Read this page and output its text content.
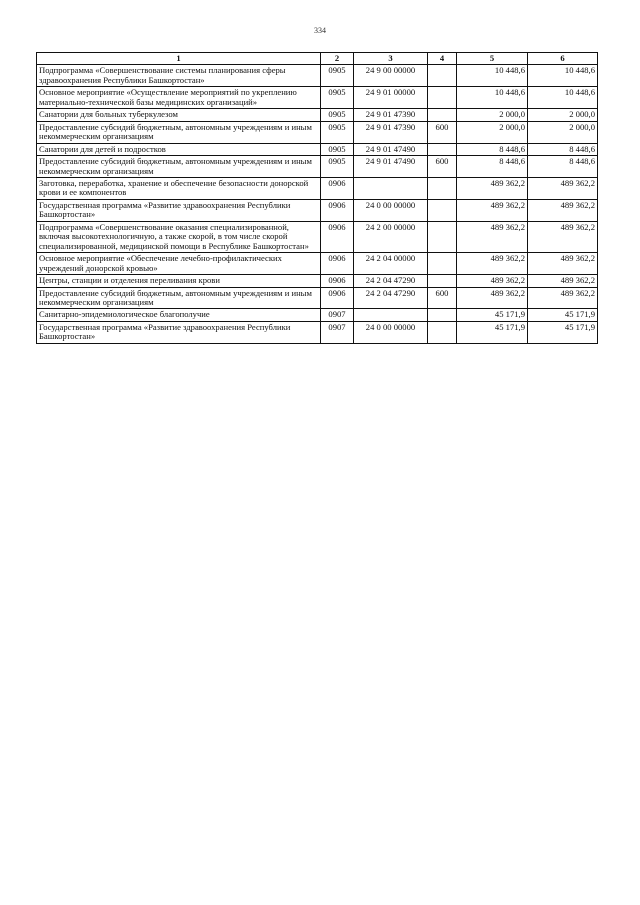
334
1	2	3	4	5	6
Подпрограмма «Совершенствование системы планирования сферы здравоохранения Республики Башкортостан»	0905	24 9 00 00000		10 448,6	10 448,6
Основное мероприятие «Осуществление мероприятий по укреплению материально-технической базы медицинских организаций»	0905	24 9 01 00000		10 448,6	10 448,6
Санатории для больных туберкулезом	0905	24 9 01 47390		2 000,0	2 000,0
Предоставление субсидий бюджетным, автономным учреждениям и иным некоммерческим организациям	0905	24 9 01 47390	600	2 000,0	2 000,0
Санатории для детей и подростков	0905	24 9 01 47490		8 448,6	8 448,6
Предоставление субсидий бюджетным, автономным учреждениям и иным некоммерческим организациям	0905	24 9 01 47490	600	8 448,6	8 448,6
Заготовка, переработка, хранение и обеспечение безопасности донорской крови и ее компонентов	0906			489 362,2	489 362,2
Государственная программа «Развитие здравоохранения Республики Башкортостан»	0906	24 0 00 00000		489 362,2	489 362,2
Подпрограмма «Совершенствование оказания специализированной, включая высокотехнологичную, а также скорой, в том числе скорой специализированной, медицинской помощи в Республике Башкортостан»	0906	24 2 00 00000		489 362,2	489 362,2
Основное мероприятие «Обеспечение лечебно-профилактических учреждений донорской кровью»	0906	24 2 04 00000		489 362,2	489 362,2
Центры, станции и отделения переливания крови	0906	24 2 04 47290		489 362,2	489 362,2
Предоставление субсидий бюджетным, автономным учреждениям и иным некоммерческим организациям	0906	24 2 04 47290	600	489 362,2	489 362,2
Санитарно-эпидемиологическое благополучие	0907			45 171,9	45 171,9
Государственная программа «Развитие здравоохранения Республики Башкортостан»	0907	24 0 00 00000		45 171,9	45 171,9
